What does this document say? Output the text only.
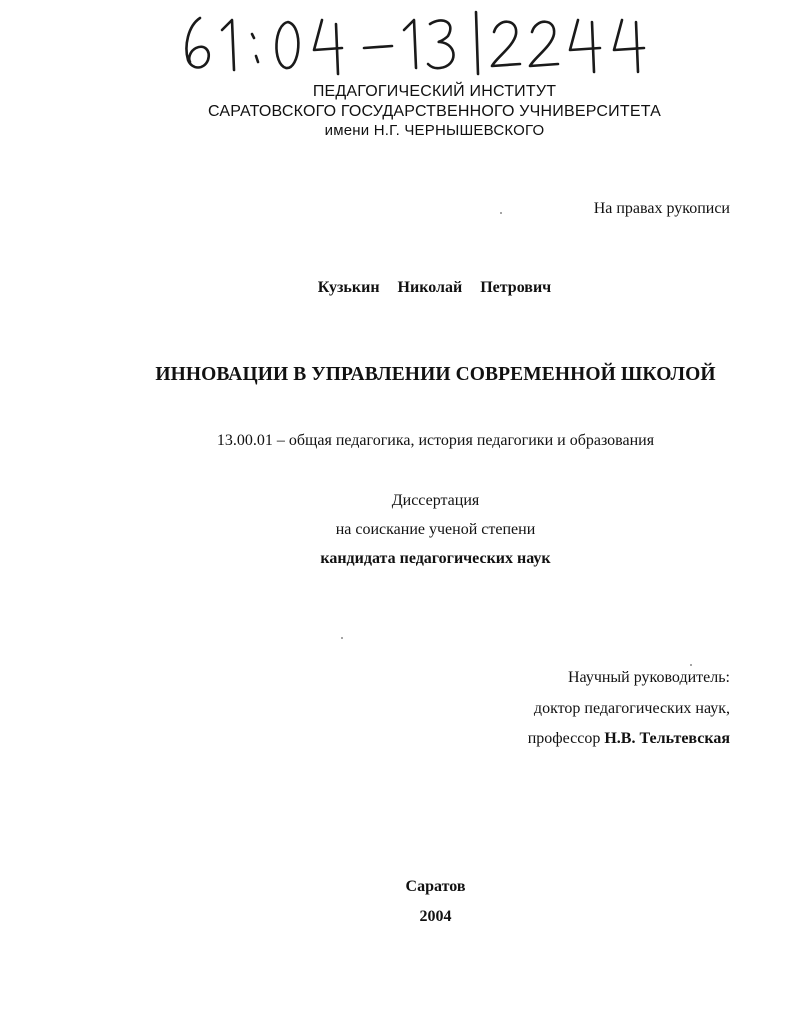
ПЕДАГОГИЧЕСКИЙ ИНСТИТУТ
САРАТОВСКОГО ГОСУДАРСТВЕННОГО УЧНИВЕРСИТЕТА
имени Н.Г. ЧЕРНЫШЕВСКОГО
На правах рукописи
Кузькин Николай Петрович
ИННОВАЦИИ В УПРАВЛЕНИИ СОВРЕМЕННОЙ ШКОЛОЙ
13.00.01 – общая педагогика, история педагогики и образования
Диссертация
на соискание ученой степени
кандидата педагогических наук
Научный руководитель:
доктор педагогических наук,
профессор Н.В. Тельтевская
Саратов
2004
